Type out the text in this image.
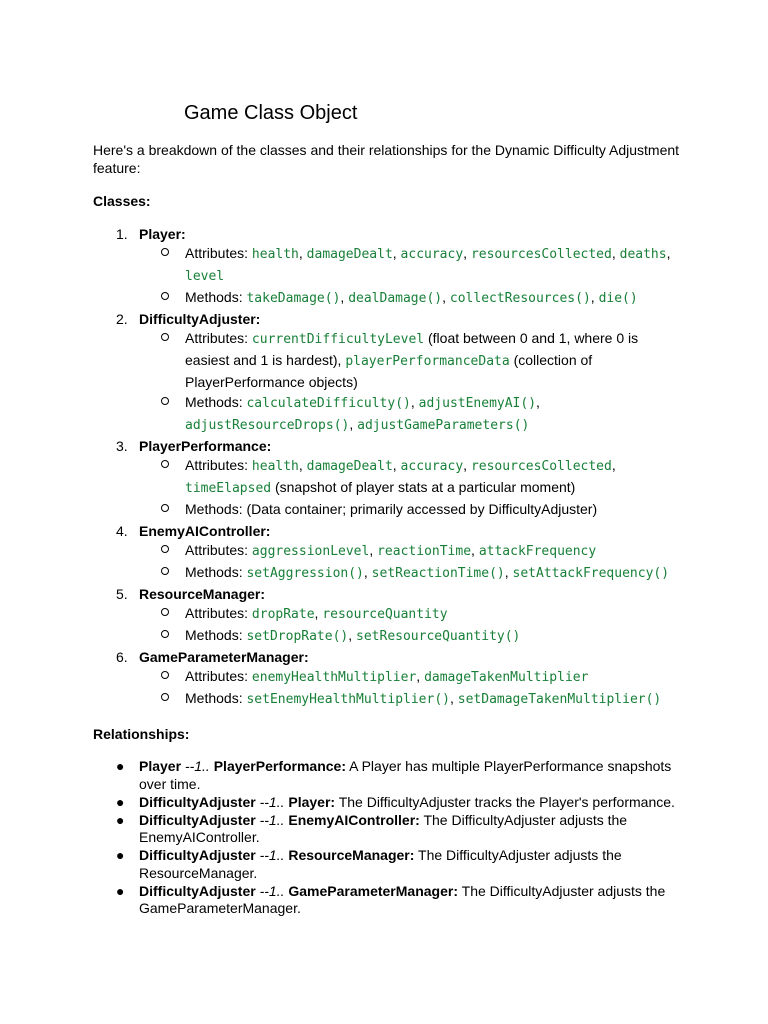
Game Class Object

Here's a breakdown of the classes and their relationships for the Dynamic Difficulty Adjustment feature:

Classes:

1. Player:
Attributes: health, damageDealt, accuracy, resourcesCollected, deaths, level
Methods: takeDamage(), dealDamage(), collectResources(), die()
2. DifficultyAdjuster:
Attributes: currentDifficultyLevel (float between 0 and 1, where 0 is easiest and 1 is hardest), playerPerformanceData (collection of PlayerPerformance objects)
Methods: calculateDifficulty(), adjustEnemyAI(), adjustResourceDrops(), adjustGameParameters()
3. PlayerPerformance:
Attributes: health, damageDealt, accuracy, resourcesCollected, timeElapsed (snapshot of player stats at a particular moment)
Methods: (Data container; primarily accessed by DifficultyAdjuster)
4. EnemyAIController:
Attributes: aggressionLevel, reactionTime, attackFrequency
Methods: setAggression(), setReactionTime(), setAttackFrequency()
5. ResourceManager:
Attributes: dropRate, resourceQuantity
Methods: setDropRate(), setResourceQuantity()
6. GameParameterManager:
Attributes: enemyHealthMultiplier, damageTakenMultiplier
Methods: setEnemyHealthMultiplier(), setDamageTakenMultiplier()

Relationships:

● Player --1.. PlayerPerformance: A Player has multiple PlayerPerformance snapshots over time.
● DifficultyAdjuster --1.. Player: The DifficultyAdjuster tracks the Player's performance.
● DifficultyAdjuster --1.. EnemyAIController: The DifficultyAdjuster adjusts the EnemyAIController.
● DifficultyAdjuster --1.. ResourceManager: The DifficultyAdjuster adjusts the ResourceManager.
● DifficultyAdjuster --1.. GameParameterManager: The DifficultyAdjuster adjusts the GameParameterManager.
